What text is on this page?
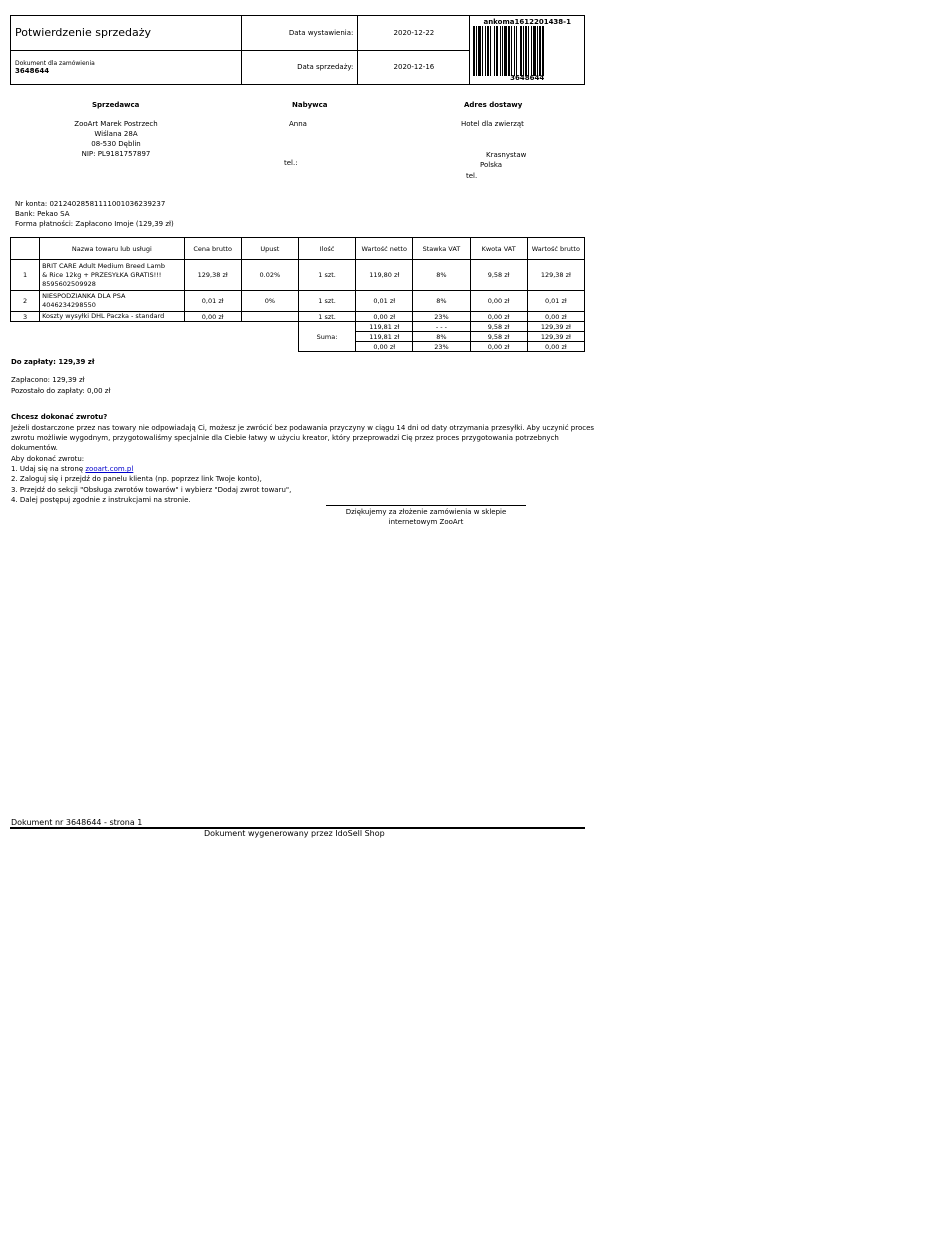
Potwierdzenie sprzedaży	Data wystawienia:	2020-12-22	ankoma1612201438-1
3648644

Dokument dla zamówienia
3648644	Data sprzedaży:	2020-12-16	
Sprzedawca
ZooArt Marek Postrzech
Wiślana 28A
08-530 Dęblin
NIP: PL9181757897
Nabywca
Anna
tel.:
Adres dostawy
Hotel dla zwierząt
Krasnystaw
Polska
tel.
Nr konta: 02124028581111001036239237
Bank: Pekao SA
Forma płatności: Zapłacono Imoje (129,39 zł)
	Nazwa towaru lub usługi	Cena brutto	Upust	Ilość	Wartość netto	Stawka VAT	Kwota VAT	Wartość brutto
1	BRIT CARE Adult Medium Breed Lamb
& Rice 12kg + PRZESYŁKA GRATIS!!!
8595602509928	129,38 zł	0.02%	1 szt.	119,80 zł	8%	9,58 zł	129,38 zł
2	NIESPODZIANKA DLA PSA
4046234298550	0,01 zł	0%	1 szt.	0,01 zł	8%	0,00 zł	0,01 zł
3	Koszty wysyłki DHL Paczka - standard	0,00 zł		1 szt.	0,00 zł	23%	0,00 zł	0,00 zł
				Suma:	119,81 zł	- - -	9,58 zł	129,39 zł
					119,81 zł	8%	9,58 zł	129,39 zł
					0,00 zł	23%	0,00 zł	0,00 zł
Do zapłaty: 129,39 zł
Zapłacono: 129,39 zł
Pozostało do zapłaty: 0,00 zł
Chcesz dokonać zwrotu?
Jeżeli dostarczone przez nas towary nie odpowiadają Ci, możesz je zwrócić bez podawania przyczyny w ciągu 14 dni od daty otrzymania przesyłki. Aby uczynić proces
zwrotu możliwie wygodnym, przygotowaliśmy specjalnie dla Ciebie łatwy w użyciu kreator, który przeprowadzi Cię przez proces przygotowania potrzebnych
dokumentów.
Aby dokonać zwrotu:
1. Udaj się na stronę zooart.com.pl
2. Zaloguj się i przejdź do panelu klienta (np. poprzez link Twoje konto),
3. Przejdź do sekcji "Obsługa zwrotów towarów" i wybierz "Dodaj zwrot towaru",
4. Dalej postępuj zgodnie z instrukcjami na stronie.
Dziękujemy za złożenie zamówienia w sklepie
internetowym ZooArt
Dokument nr 3648644 - strona 1
Dokument wygenerowany przez IdoSell Shop
